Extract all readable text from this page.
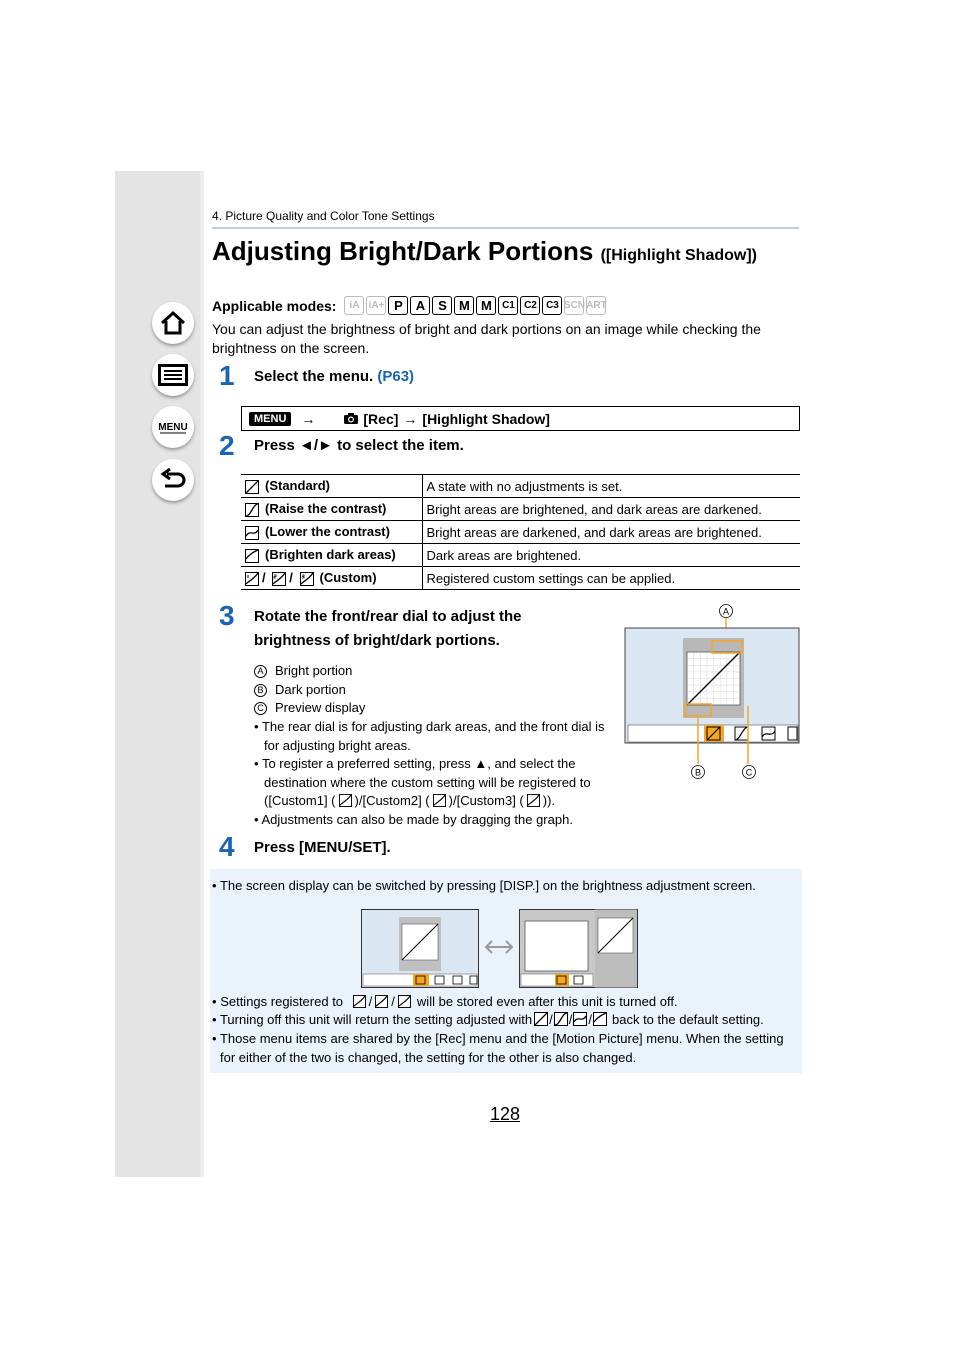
MENU
4. Picture Quality and Color Tone Settings
Adjusting Bright/Dark Portions ([Highlight Shadow])
Applicable modes:	iA iA+ P A S M M	C1 C2 C3 SCN ART
You can adjust the brightness of bright and dark portions on an image while checking the brightness on the screen.
1 Select the menu. (P63)
MENU	→	[Rec] → [Highlight Shadow]
2 Press ◄/► to select the item.
(Standard)	A state with no adjustments is set.
(Raise the contrast)	Bright areas are brightened, and dark areas are darkened.
(Lower the contrast)	Bright areas are darkened, and dark areas are brightened.
(Brighten dark areas)	Dark areas are brightened.
/ / (Custom)	Registered custom settings can be applied.
3 Rotate the front/rear dial to adjust the
brightness of bright/dark portions.
A Bright portion
B Dark portion
C Preview display
• The rear dial is for adjusting dark areas, and the front dial is for adjusting bright areas.
• To register a preferred setting, press ▲, and select the destination where the custom setting will be registered to ([Custom1] ( )/[Custom2] ( )/[Custom3] ( )).
• Adjustments can also be made by dragging the graph.
A
B	C
4 Press [MENU/SET].
• The screen display can be switched by pressing [DISP.] on the brightness adjustment screen.
• Settings registered to / / will be stored even after this unit is turned off.
• Turning off this unit will return the setting adjusted with / / / back to the default setting.
• Those menu items are shared by the [Rec] menu and the [Motion Picture] menu. When the setting for either of the two is changed, the setting for the other is also changed.
128
